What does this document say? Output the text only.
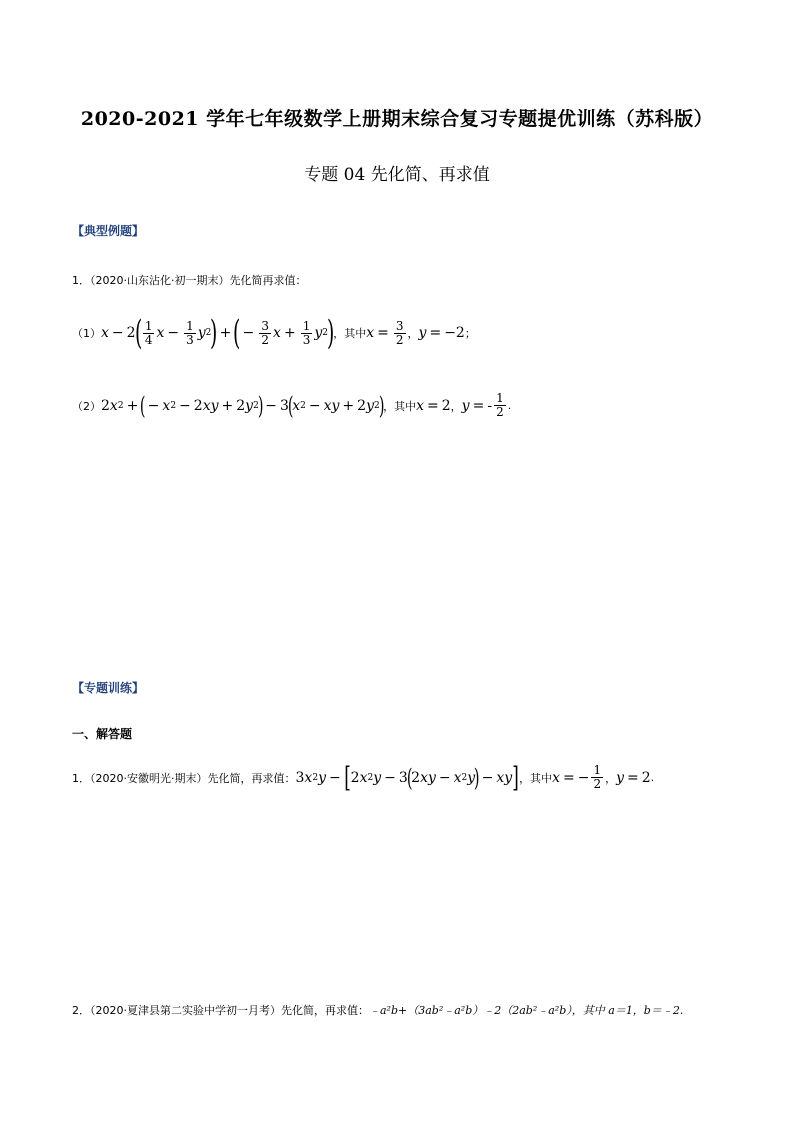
2020-2021 学年七年级数学上册期末综合复习专题提优训练（苏科版）
专题 04 先化简、再求值
【典型例题】
1．（2020·山东沾化·初一期末）先化简再求值：
（1） x − 2
( $\frac{1}{4}$ $x - \frac{1}{3}$ y 2
) + ( − $\frac{3}{2}$ $x + \frac{1}{3}$ y 2
)
，其中 $x = \frac{3}{2}$ ， y = −2 ；
（2） 2 x 2 + ( − x 2 − 2 xy + 2 y 2
) − 3
(
x 2 − xy + 2 y 2
)
，其中 x = 2 ， y = - $\frac{1}{2}$ .
【专题训练】
一、解答题
1．（2020·安徽明光·期末）先化简，再求值： 3 x 2 y − [ 2 x 2 y − 3
(
2 xy − x 2 y
) − xy ] ，其中 x = − $\frac{1}{2}$ ， y = 2 .
2．（2020·夏津县第二实验中学初一月考）先化简，再求值： ﹣a²b+（3ab²﹣a²b）﹣2（2ab²﹣a²b），其中 a＝1，b＝﹣2.
